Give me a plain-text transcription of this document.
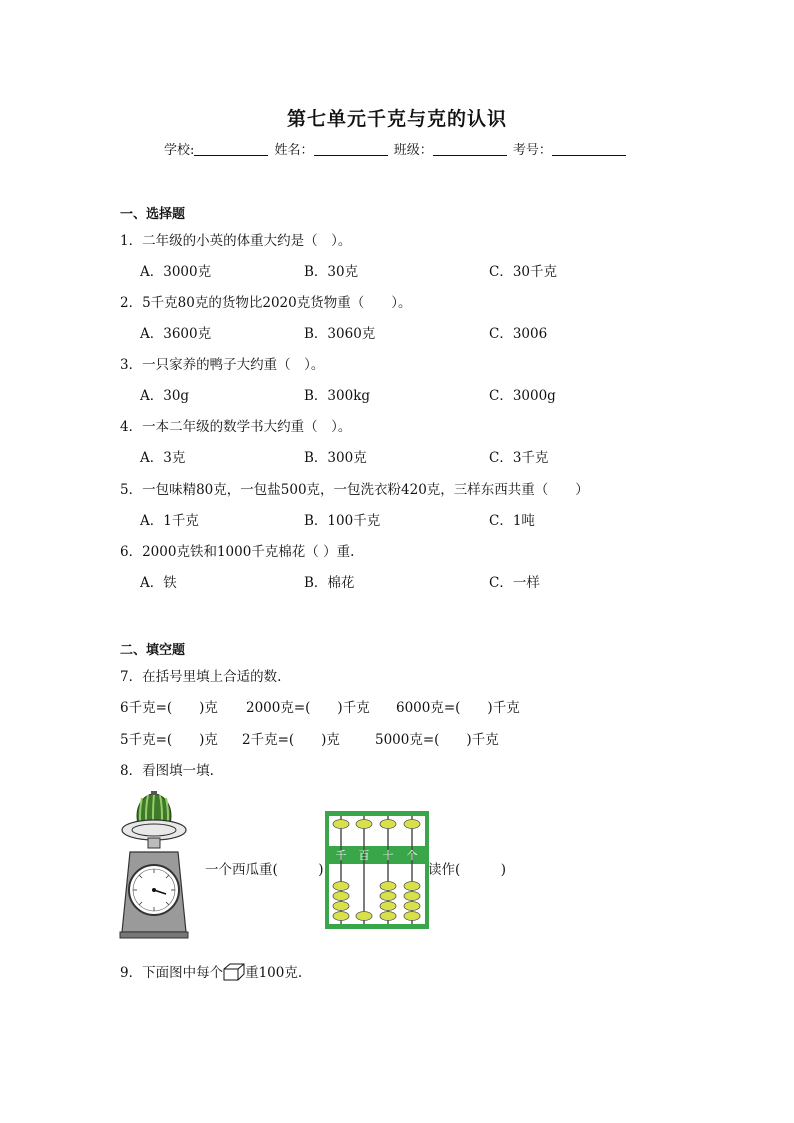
第七单元千克与克的认识
学校:	姓名：	班级：	考号：
一、选择题
1．二年级的小英的体重大约是（　）。
A．3000克	B．30克	C．30千克
2．5千克80克的货物比2020克货物重（　　）。
A．3600克	B．3060克	C．3006
3．一只家养的鸭子大约重（　）。
A．30g	B．300kg	C．3000g
4．一本二年级的数学书大约重（　）。
A．3克	B．300克	C．3千克
5．一包味精80克，一包盐500克，一包洗衣粉420克，三样东西共重（　　）
A．1千克	B．100千克	C．1吨
6．2000克铁和1000千克棉花（ ）重.
A．铁	B．棉花	C．一样
二、填空题
7．在括号里填上合适的数.
6千克=(　　)克 2000克=(　　)千克 6000克=(　　)千克
5千克=(　　)克 2千克=(　　)克	5000克=(　　)千克
8．看图填一填.
一个西瓜重(　　　)
千 百 十 个
读作(　　　)
9．下面图中每个 重100克.
